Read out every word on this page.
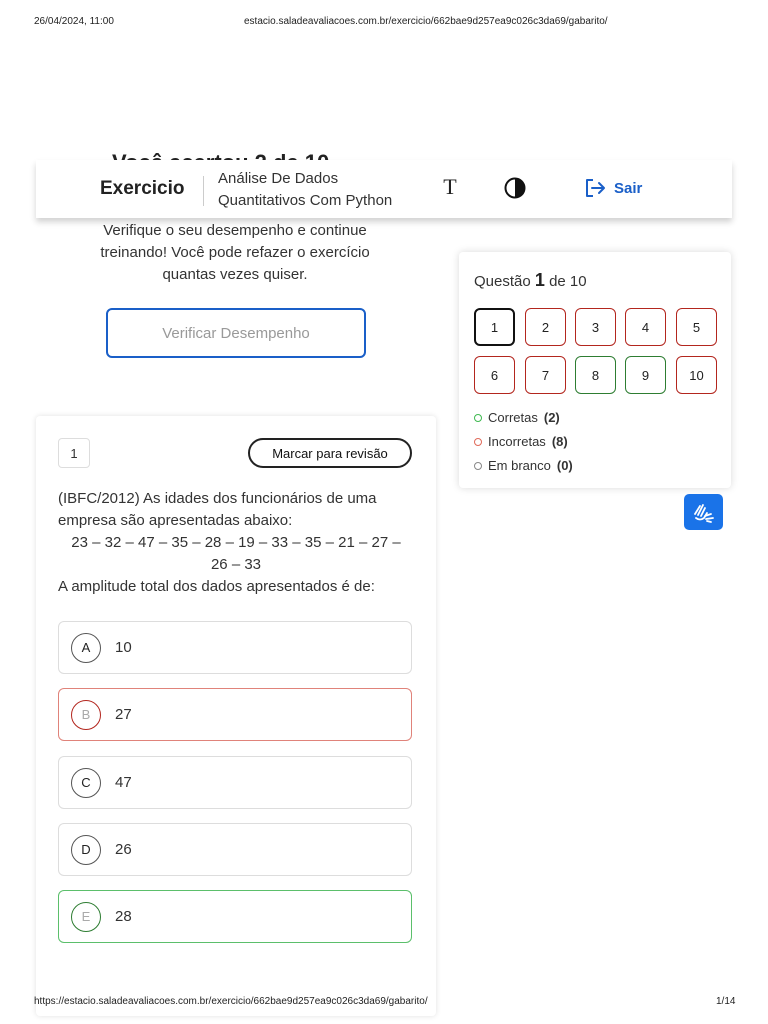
26/04/2024, 11:00	estacio.saladeavaliacoes.com.br/exercicio/662bae9d257ea9c026c3da69/gabarito/
Exercicio Análise De Dados
Quantitativos Com Python
T	Sair
Verifique o seu desempenho e continue
treinando! Você pode refazer o exercício
quantas vezes quiser.
Verificar Desempenho
1	Marcar para revisão
(IBFC/2012) As idades dos funcionários de uma
empresa são apresentadas abaixo:
23 – 32 – 47 – 35 – 28 – 19 – 33 – 35 – 21 – 27 –
26 – 33
A amplitude total dos dados apresentados é de:
A	10
B	27
C	47
D	26
E	28
Questão 1 de 10
1	2	3	4	5
6	7	8	9	10
Corretas (2)
Incorretas (8)
Em branco (0)
https://estacio.saladeavaliacoes.com.br/exercicio/662bae9d257ea9c026c3da69/gabarito/	1/14
